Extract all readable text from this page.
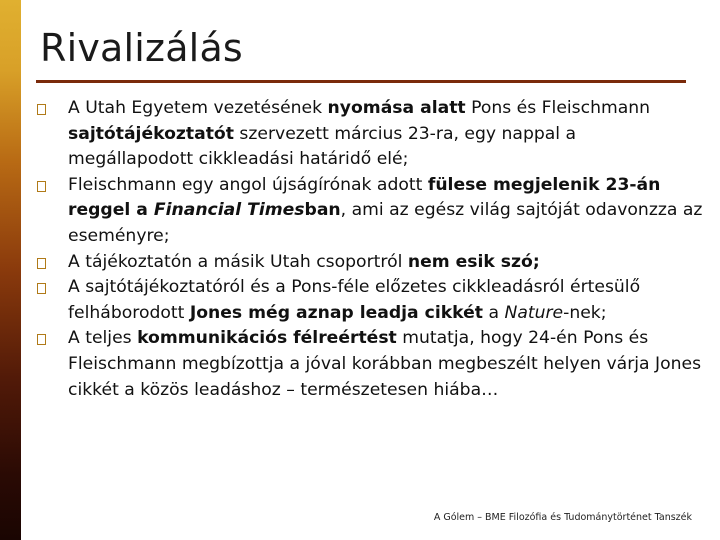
Rivalizálás
A Utah Egyetem vezetésének nyomása alatt Pons és Fleischmann sajtótájékoztatót szervezett március 23-ra, egy nappal a megállapodott cikkleadási határidő elé;
Fleischmann egy angol újságírónak adott fülese megjelenik 23-án reggel a Financial Timesban, ami az egész világ sajtóját odavonzza az eseményre;
A tájékoztatón a másik Utah csoportról nem esik szó;
A sajtótájékoztatóról és a Pons-féle előzetes cikkleadásról értesülő felháborodott Jones még aznap leadja cikkét a Nature-nek;
A teljes kommunikációs félreértést mutatja, hogy 24-én Pons és Fleischmann megbízottja a jóval korábban megbeszélt helyen várja Jones cikkét a közös leadáshoz – természetesen hiába…
A Gólem – BME Filozófia és Tudománytörténet Tanszék
